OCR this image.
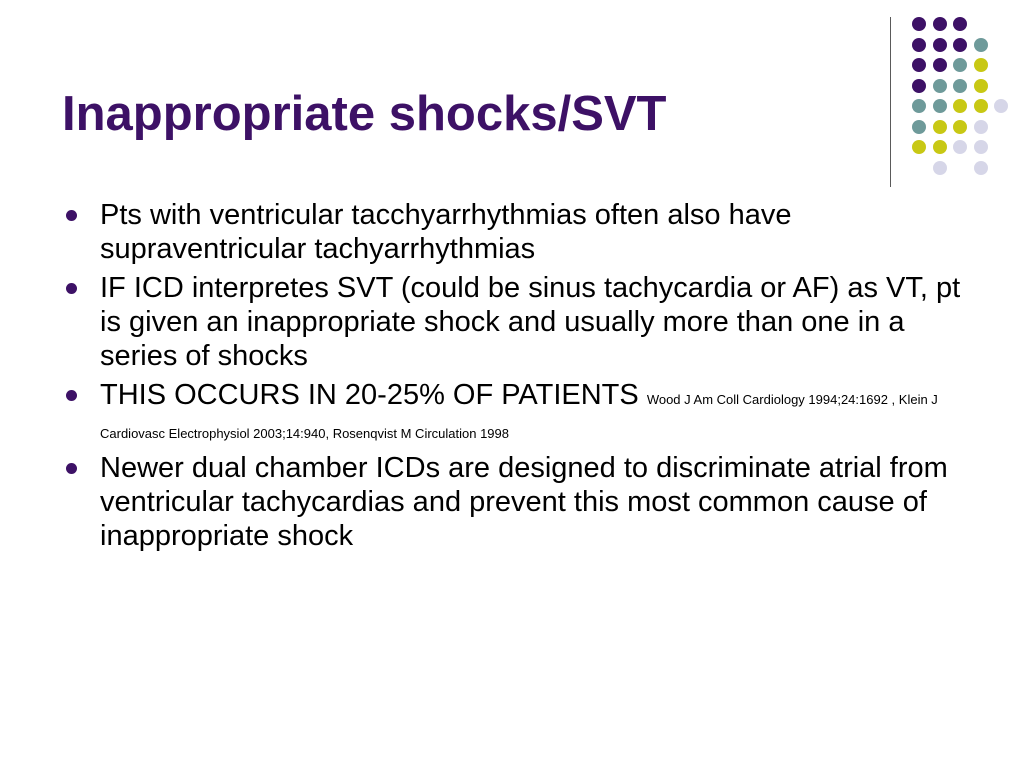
Inappropriate shocks/SVT
Pts with ventricular tacchyarrhythmias often also have supraventricular tachyarrhythmias
IF ICD interpretes SVT (could be sinus tachycardia or AF) as VT, pt is given an inappropriate shock and usually more than one in a series of shocks
THIS OCCURS IN 20-25% OF PATIENTS Wood J Am Coll Cardiology 1994;24:1692 , Klein J Cardiovasc Electrophysiol 2003;14:940, Rosenqvist M Circulation 1998
Newer dual chamber ICDs are designed to discriminate atrial from ventricular tachycardias and prevent this most common cause of inappropriate shock
